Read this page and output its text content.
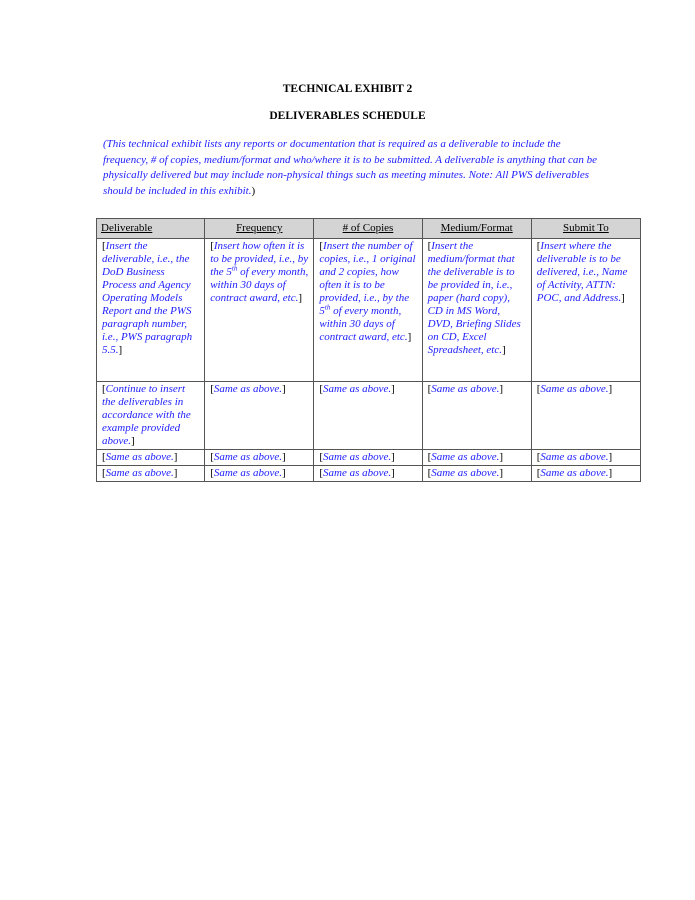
TECHNICAL EXHIBIT 2
DELIVERABLES SCHEDULE
(This technical exhibit lists any reports or documentation that is required as a deliverable to include the frequency, # of copies, medium/format and who/where it is to be submitted. A deliverable is anything that can be physically delivered but may include non-physical things such as meeting minutes. Note: All PWS deliverables should be included in this exhibit.)
Deliverable	Frequency	# of Copies	Medium/Format	Submit To
[Insert the deliverable, i.e., the DoD Business Process and Agency Operating Models Report and the PWS paragraph number, i.e., PWS paragraph 5.5.]	[Insert how often it is to be provided, i.e., by the 5th of every month, within 30 days of contract award, etc.]	[Insert the number of copies, i.e., 1 original and 2 copies, how often it is to be provided, i.e., by the 5th of every month, within 30 days of contract award, etc.]	[Insert the medium/format that the deliverable is to be provided in, i.e., paper (hard copy), CD in MS Word, DVD, Briefing Slides on CD, Excel Spreadsheet, etc.]	[Insert where the deliverable is to be delivered, i.e., Name of Activity, ATTN: POC, and Address.]
[Continue to insert the deliverables in accordance with the example provided above.]	[Same as above.]	[Same as above.]	[Same as above.]	[Same as above.]
[Same as above.]	[Same as above.]	[Same as above.]	[Same as above.]	[Same as above.]
[Same as above.]	[Same as above.]	[Same as above.]	[Same as above.]	[Same as above.]
